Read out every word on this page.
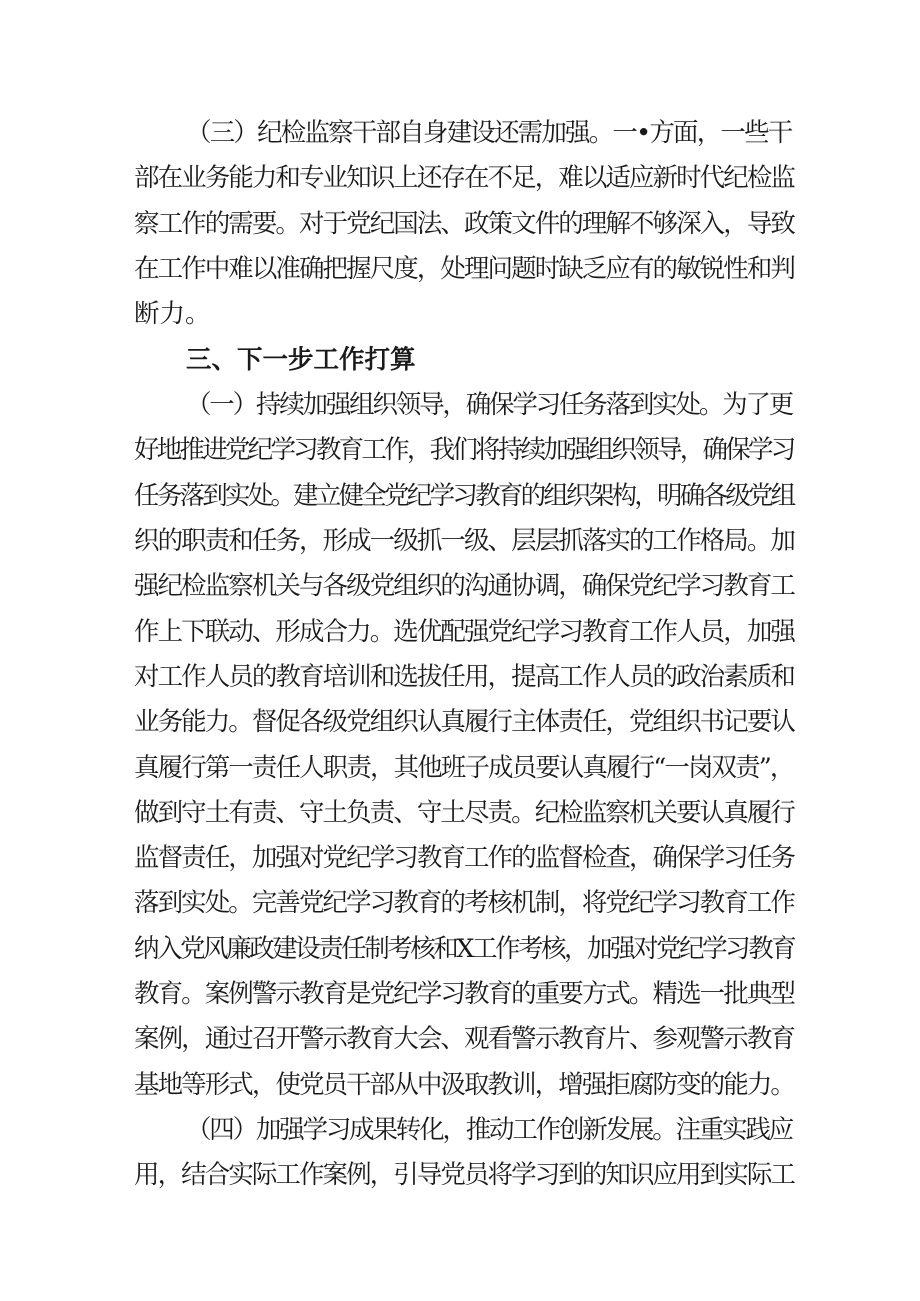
（三）纪检监察干部自身建设还需加强。一•方面，一些干
部在业务能力和专业知识上还存在不足，难以适应新时代纪检监
察工作的需要。对于党纪国法、政策文件的理解不够深入，导致
在工作中难以准确把握尺度，处理问题时缺乏应有的敏锐性和判
断力。
三、下一步工作打算
（一）持续加强组织领导，确保学习任务落到实处。为了更
好地推进党纪学习教育工作，我们将持续加强组织领导，确保学习
任务落到实处。建立健全党纪学习教育的组织架构，明确各级党组
织的职责和任务，形成一级抓一级、层层抓落实的工作格局。加
强纪检监察机关与各级党组织的沟通协调，确保党纪学习教育工
作上下联动、形成合力。选优配强党纪学习教育工作人员，加强
对工作人员的教育培训和选拔任用，提高工作人员的政治素质和
业务能力。督促各级党组织认真履行主体责任，党组织书记要认
真履行第一责任人职责，其他班子成员要认真履行“一岗双责”，
做到守土有责、守土负责、守土尽责。纪检监察机关要认真履行
监督责任，加强对党纪学习教育工作的监督检查，确保学习任务
落到实处。完善党纪学习教育的考核机制，将党纪学习教育工作
纳入党风廉政建设责任制考核和X工作考核，加强对党纪学习教育
教育。案例警示教育是党纪学习教育的重要方式。精选一批典型
案例，通过召开警示教育大会、观看警示教育片、参观警示教育
基地等形式，使党员干部从中汲取教训，增强拒腐防变的能力。
（四）加强学习成果转化，推动工作创新发展。注重实践应
用，结合实际工作案例，引导党员将学习到的知识应用到实际工
